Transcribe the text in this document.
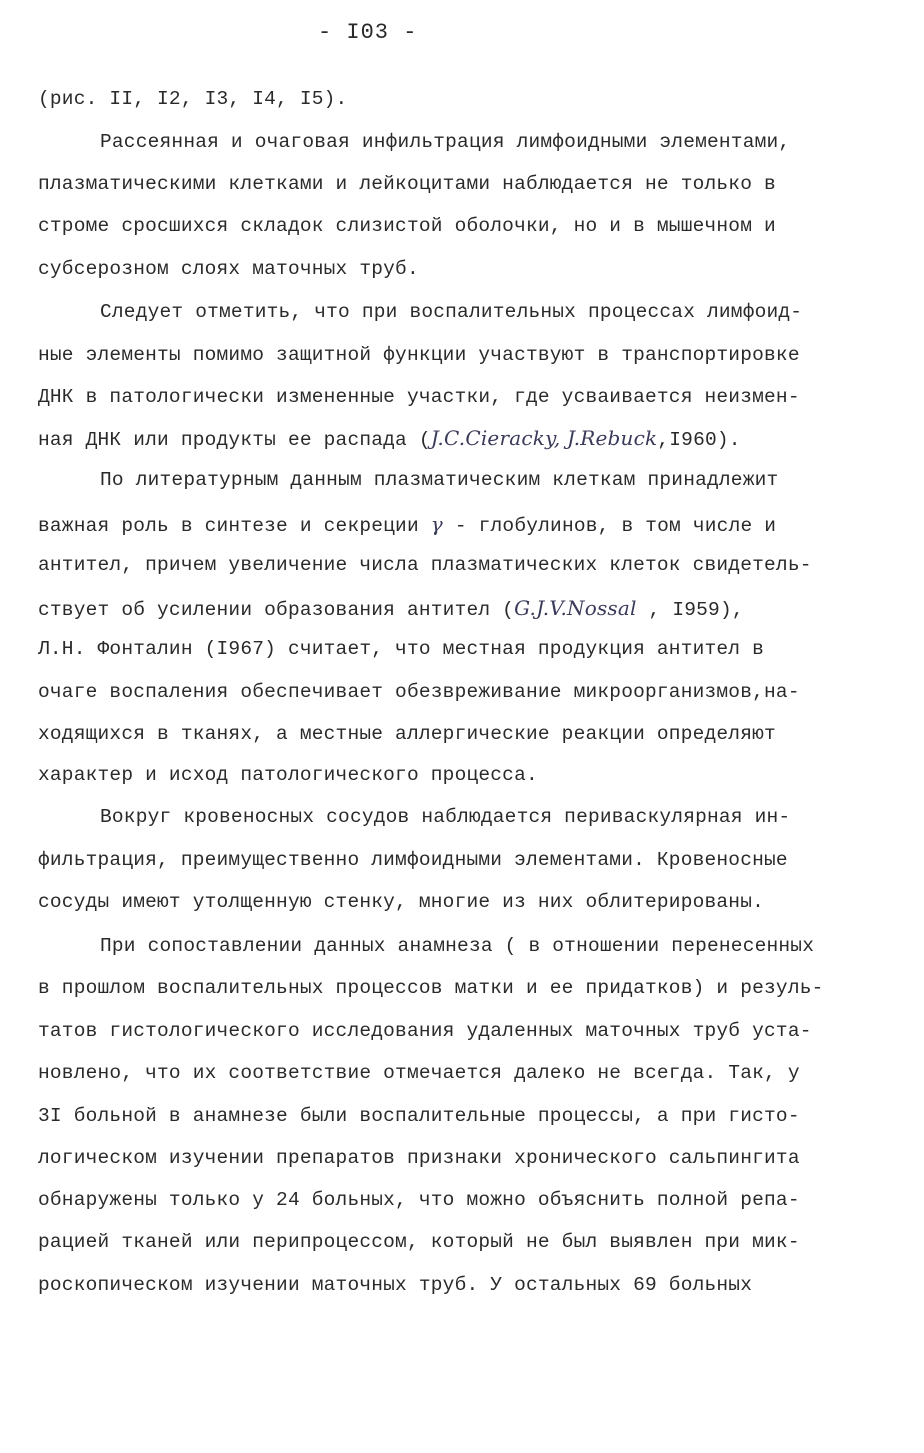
- I03 -
(рис. II, I2, I3, I4, I5).
Рассеянная и очаговая инфильтрация лимфоидными элементами,
плазматическими клетками и лейкоцитами наблюдается не только в
строме сросшихся складок слизистой оболочки, но и в мышечном и
субсерозном слоях маточных труб.
Следует отметить, что при воспалительных процессах лимфоид-
ные элементы помимо защитной функции участвуют в транспортировке
ДНК в патологически измененные участки, где усваивается неизмен-
ная ДНК или продукты ее распада (J.C.Cieracky, J.Rebuck,I960).
По литературным данным плазматическим клеткам принадлежит
важная роль в синтезе и секреции γ - глобулинов, в том числе и
антител, причем увеличение числа плазматических клеток свидетель-
ствует об усилении образования антител (G.J.V.Nossal , I959),
Л.Н. Фонталин (I967) считает, что местная продукция антител в
очаге воспаления обеспечивает обезвреживание микроорганизмов,на-
ходящихся в тканях, а местные аллергические реакции определяют
характер и исход патологического процесса.
Вокруг кровеносных сосудов наблюдается периваскулярная ин-
фильтрация, преимущественно лимфоидными элементами. Кровеносные
сосуды имеют утолщенную стенку, многие из них облитерированы.
При сопоставлении данных анамнеза ( в отношении перенесенных
в прошлом воспалительных процессов матки и ее придатков) и резуль-
татов гистологического исследования удаленных маточных труб уста-
новлено, что их соответствие отмечается далеко не всегда. Так, у
3I больной в анамнезе были воспалительные процессы, а при гисто-
логическом изучении препаратов признаки хронического сальпингита
обнаружены только у 24 больных, что можно объяснить полной репа-
рацией тканей или перипроцессом, который не был выявлен при мик-
роскопическом изучении маточных труб. У остальных 69 больных
